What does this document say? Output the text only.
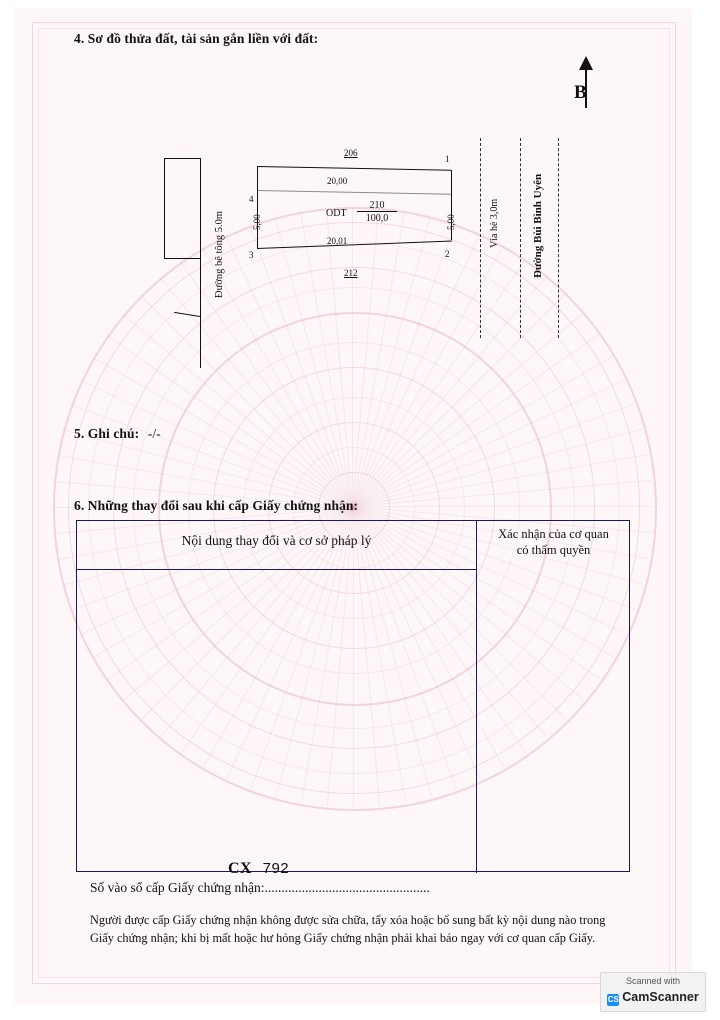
4. Sơ đồ thửa đất, tài sản gắn liền với đất:
B
1
2
3
4
20,00
20,01
5,00	5,00
206
212
ODT
210
100,0
Đường bê tông 5.0m	Vỉa hè 3,0m	Đường Bùi Bình Uyên
5. Ghi chú: -/-
6. Những thay đổi sau khi cấp Giấy chứng nhận:
Nội dung thay đổi và cơ sở pháp lý	Xác nhận của cơ quan
có thẩm quyền
CX 792
Số vào sổ cấp Giấy chứng nhận:.................................................
Người được cấp Giấy chứng nhận không được sửa chữa, tẩy xóa hoặc bổ sung bất kỳ nội dung nào trong Giấy chứng nhận; khi bị mất hoặc hư hỏng Giấy chứng nhận phải khai báo ngay với cơ quan cấp Giấy.
Scanned with
CS CamScanner
